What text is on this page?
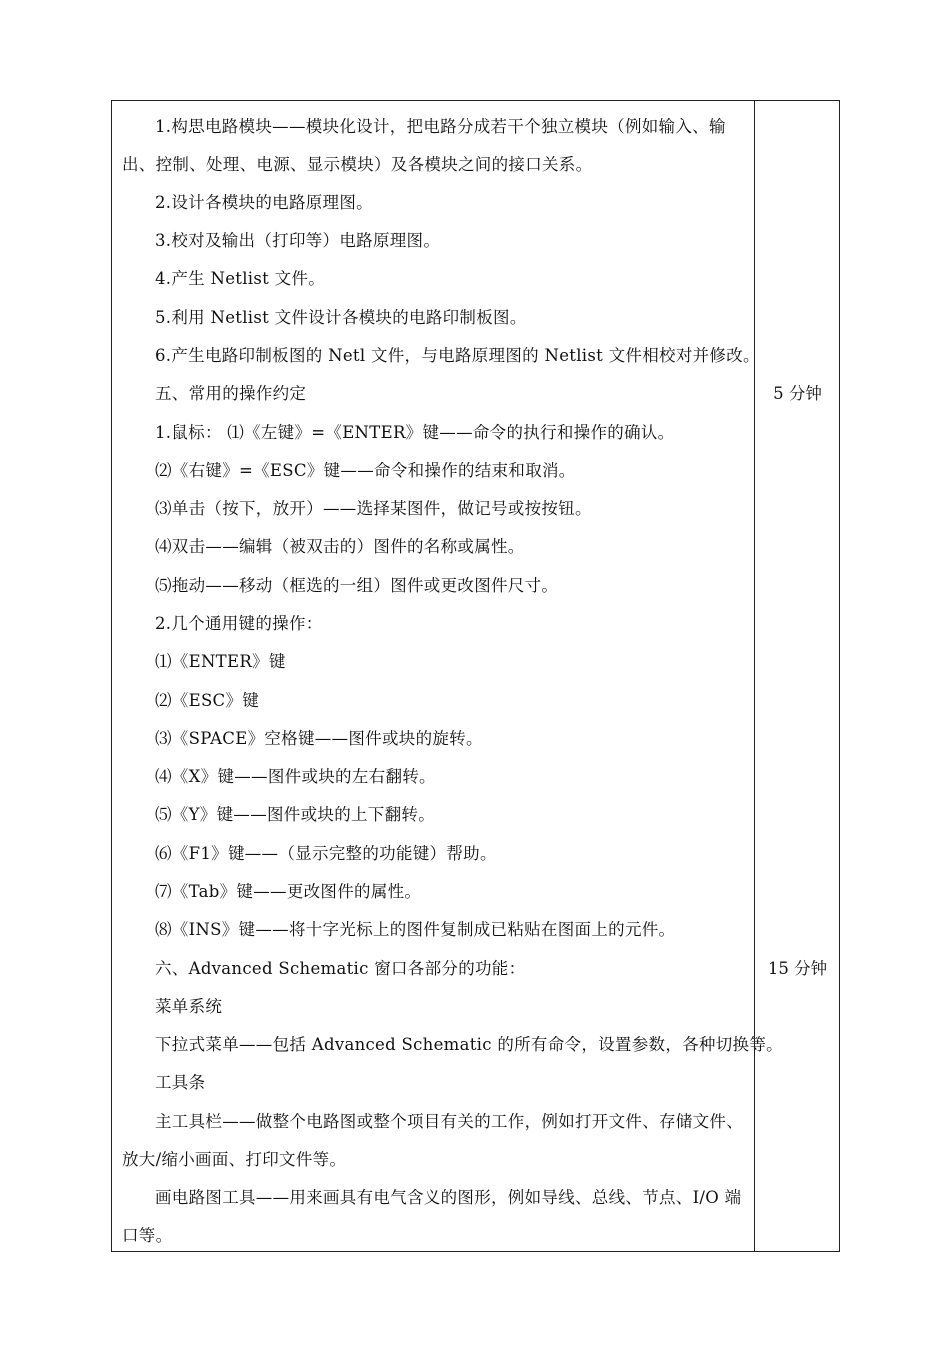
1.构思电路模块——模块化设计，把电路分成若干个独立模块（例如输入、输
出、控制、处理、电源、显示模块）及各模块之间的接口关系。
2.设计各模块的电路原理图。
3.校对及输出（打印等）电路原理图。
4.产生 Netlist 文件。
5.利用 Netlist 文件设计各模块的电路印制板图。
6.产生电路印制板图的 Netl 文件，与电路原理图的 Netlist 文件相校对并修改。
五、常用的操作约定
1.鼠标： ⑴《左键》=《ENTER》键——命令的执行和操作的确认。
⑵《右键》=《ESC》键——命令和操作的结束和取消。
⑶单击（按下，放开）——选择某图件，做记号或按按钮。
⑷双击——编辑（被双击的）图件的名称或属性。
⑸拖动——移动（框选的一组）图件或更改图件尺寸。
2.几个通用键的操作：
⑴《ENTER》键
⑵《ESC》键
⑶《SPACE》空格键——图件或块的旋转。
⑷《X》键——图件或块的左右翻转。
⑸《Y》键——图件或块的上下翻转。
⑹《F1》键——（显示完整的功能键）帮助。
⑺《Tab》键——更改图件的属性。
⑻《INS》键——将十字光标上的图件复制成已粘贴在图面上的元件。
六、Advanced Schematic 窗口各部分的功能：
菜单系统
下拉式菜单——包括 Advanced Schematic 的所有命令，设置参数，各种切换等。
工具条
主工具栏——做整个电路图或整个项目有关的工作，例如打开文件、存储文件、
放大/缩小画面、打印文件等。
画电路图工具——用来画具有电气含义的图形，例如导线、总线、节点、I/O 端
口等。
5 分钟
15 分钟
